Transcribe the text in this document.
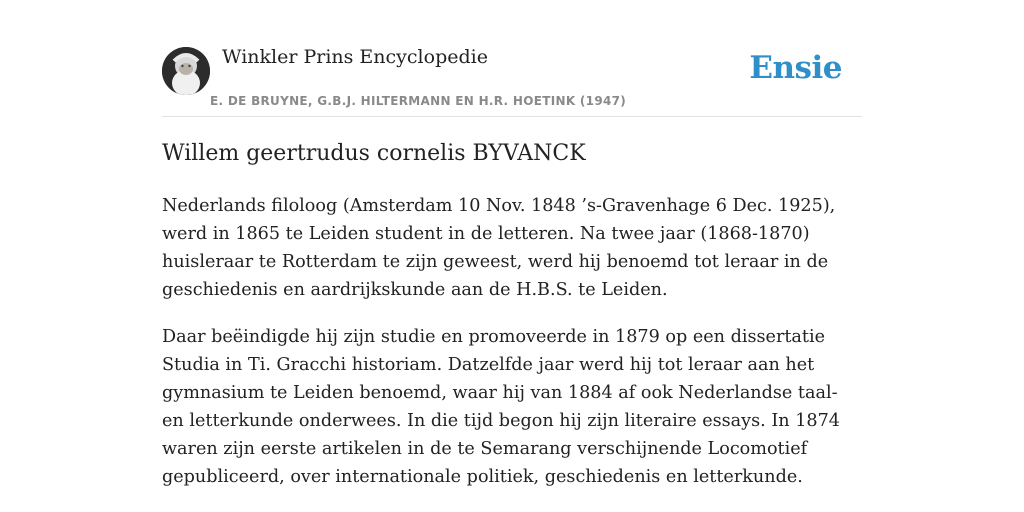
Winkler Prins Encyclopedie
E. DE BRUYNE, G.B.J. HILTERMANN EN H.R. HOETINK (1947)
Ensie
Willem geertrudus cornelis BYVANCK

Nederlands filoloog (Amsterdam 10 Nov. 1848 ’s-Gravenhage 6 Dec. 1925), werd in 1865 te Leiden student in de letteren. Na twee jaar (1868-1870) huisleraar te Rotterdam te zijn geweest, werd hij benoemd tot leraar in de geschiedenis en aardrijkskunde aan de H.B.S. te Leiden.

Daar beëindigde hij zijn studie en promoveerde in 1879 op een dissertatie Studia in Ti. Gracchi historiam. Datzelfde jaar werd hij tot leraar aan het gymnasium te Leiden benoemd, waar hij van 1884 af ook Nederlandse taal- en letterkunde onderwees. In die tijd begon hij zijn literaire essays. In 1874 waren zijn eerste artikelen in de te Semarang verschijnende Locomotief gepubliceerd, over internationale politiek, geschiedenis en letterkunde.
